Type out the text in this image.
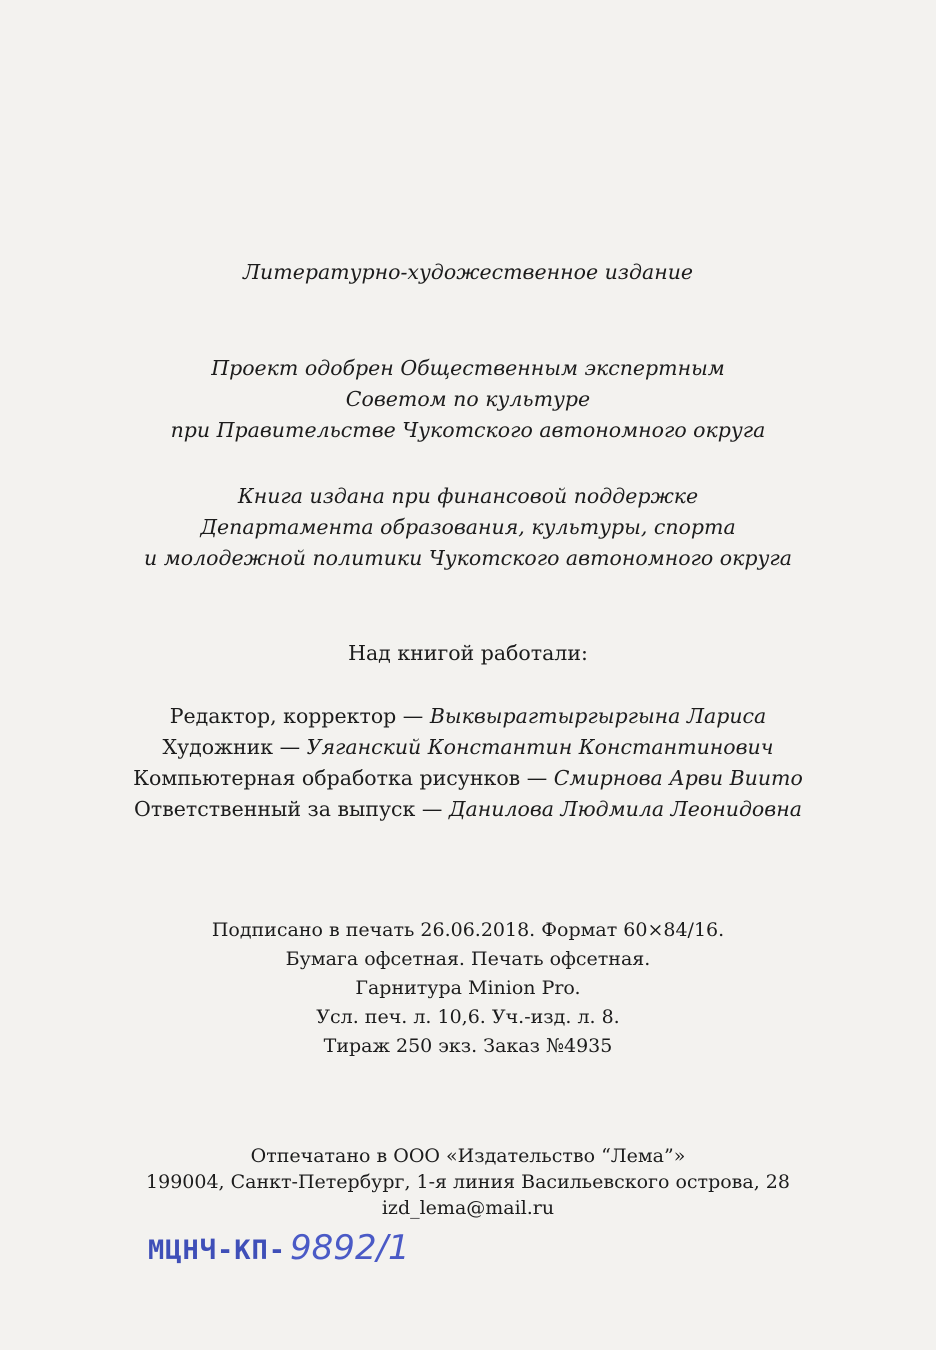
Литературно-художественное издание
Проект одобрен Общественным экспертным
Советом по культуре
при Правительстве Чукотского автономного округа
Книга издана при финансовой поддержке
Департамента образования, культуры, спорта
и молодежной политики Чукотского автономного округа
Над книгой работали:
Редактор, корректор — Выквырагтыргыргына Лариса
Художник — Уяганский Константин Константинович
Компьютерная обработка рисунков — Смирнова Арви Виито
Ответственный за выпуск — Данилова Людмила Леонидовна
Подписано в печать 26.06.2018. Формат 60×84/16.
Бумага офсетная. Печать офсетная.
Гарнитура Minion Pro.
Усл. печ. л. 10,6. Уч.-изд. л. 8.
Тираж 250 экз. Заказ №4935
Отпечатано в ООО «Издательство “Лема”»
199004, Санкт-Петербург, 1-я линия Васильевского острова, 28
izd_lema@mail.ru
МЦНЧ-КП- 9892/1
